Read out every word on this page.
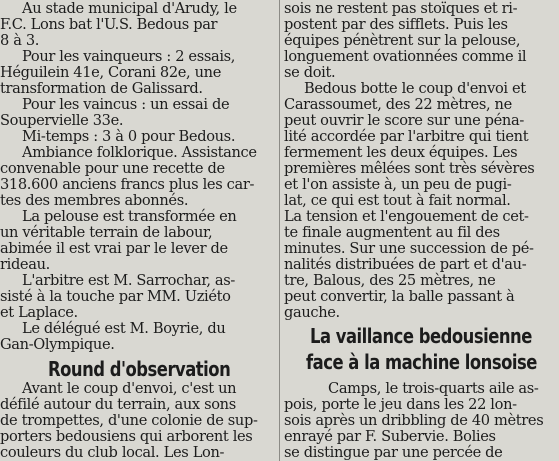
Au stade municipal d'Arudy, le
F.C. Lons bat l'U.S. Bedous par
8 à 3.
Pour les vainqueurs : 2 essais,
Héguilein 41e, Corani 82e, une
transformation de Galissard.
Pour les vaincus : un essai de
Soupervielle 33e.
Mi-temps : 3 à 0 pour Bedous.
Ambiance folklorique. Assistance
convenable pour une recette de
318.600 anciens francs plus les car-
tes des membres abonnés.
La pelouse est transformée en
un véritable terrain de labour,
abimée il est vrai par le lever de
rideau.
L'arbitre est M. Sarrochar, as-
sisté à la touche par MM. Uziéto
et Laplace.
Le délégué est M. Boyrie, du
Gan-Olympique.
Round d'observation
Avant le coup d'envoi, c'est un
défilé autour du terrain, aux sons
de trompettes, d'une colonie de sup-
porters bedousiens qui arborent les
couleurs du club local. Les Lon-
sois ne restent pas stoïques et ri-
postent par des sifflets. Puis les
équipes pénètrent sur la pelouse,
longuement ovationnées comme il
se doit.
Bedous botte le coup d'envoi et
Carassoumet, des 22 mètres, ne
peut ouvrir le score sur une péna-
lité accordée par l'arbitre qui tient
fermement les deux équipes. Les
premières mêlées sont très sévères
et l'on assiste à, un peu de pugi-
lat, ce qui est tout à fait normal.
La tension et l'engouement de cet-
te finale augmentent au fil des
minutes. Sur une succession de pé-
nalités distribuées de part et d'au-
tre, Balous, des 25 mètres, ne
peut convertir, la balle passant à
gauche.
La vaillance bedousienne
face à la machine lonsoise
Camps, le trois-quarts aile as-
pois, porte le jeu dans les 22 lon-
sois après un dribbling de 40 mètres
enrayé par F. Subervie. Bolies
se distingue par une percée de
